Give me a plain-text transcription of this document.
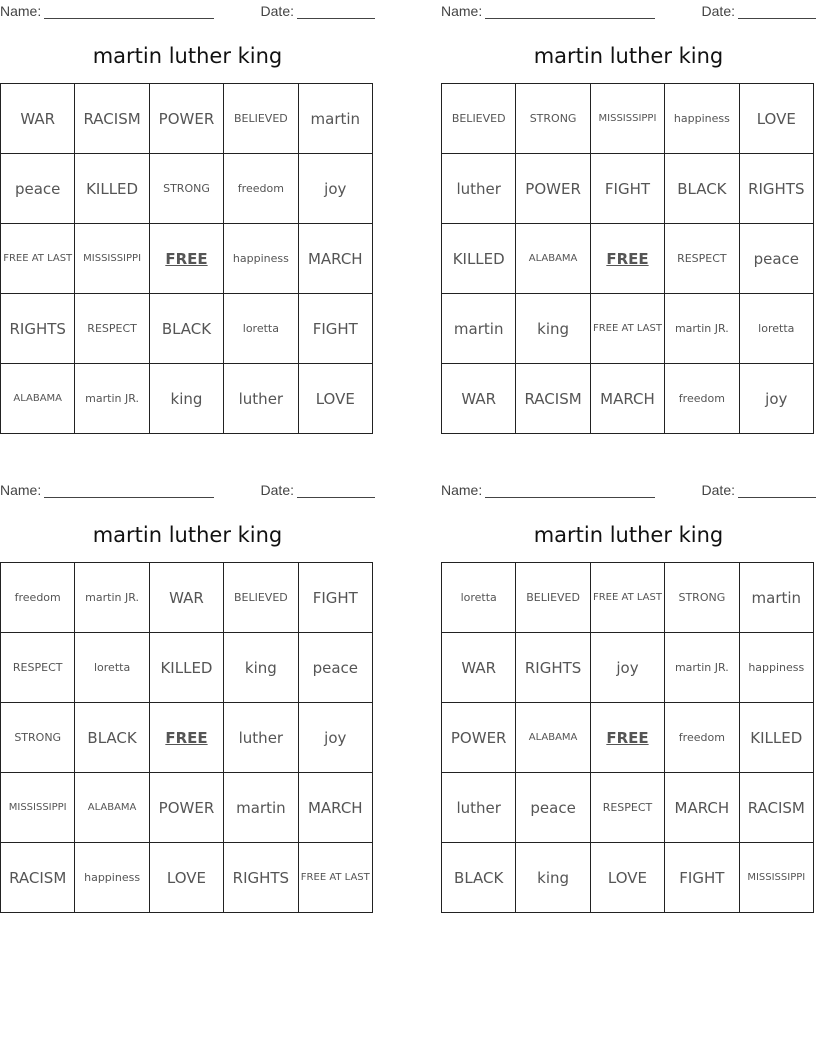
Name:	Date:
martin luther king
WAR	RACISM	POWER	BELIEVED	martin
peace	KILLED	STRONG	freedom	joy
FREE AT LAST	MISSISSIPPI	FREE	happiness	MARCH
RIGHTS	RESPECT	BLACK	loretta	FIGHT
ALABAMA	martin JR.	king	luther	LOVE
Name:	Date:
martin luther king
BELIEVED	STRONG	MISSISSIPPI	happiness	LOVE
luther	POWER	FIGHT	BLACK	RIGHTS
KILLED	ALABAMA	FREE	RESPECT	peace
martin	king	FREE AT LAST	martin JR.	loretta
WAR	RACISM	MARCH	freedom	joy
Name:	Date:
martin luther king
freedom	martin JR.	WAR	BELIEVED	FIGHT
RESPECT	loretta	KILLED	king	peace
STRONG	BLACK	FREE	luther	joy
MISSISSIPPI	ALABAMA	POWER	martin	MARCH
RACISM	happiness	LOVE	RIGHTS	FREE AT LAST
Name:	Date:
martin luther king
loretta	BELIEVED	FREE AT LAST	STRONG	martin
WAR	RIGHTS	joy	martin JR.	happiness
POWER	ALABAMA	FREE	freedom	KILLED
luther	peace	RESPECT	MARCH	RACISM
BLACK	king	LOVE	FIGHT	MISSISSIPPI
